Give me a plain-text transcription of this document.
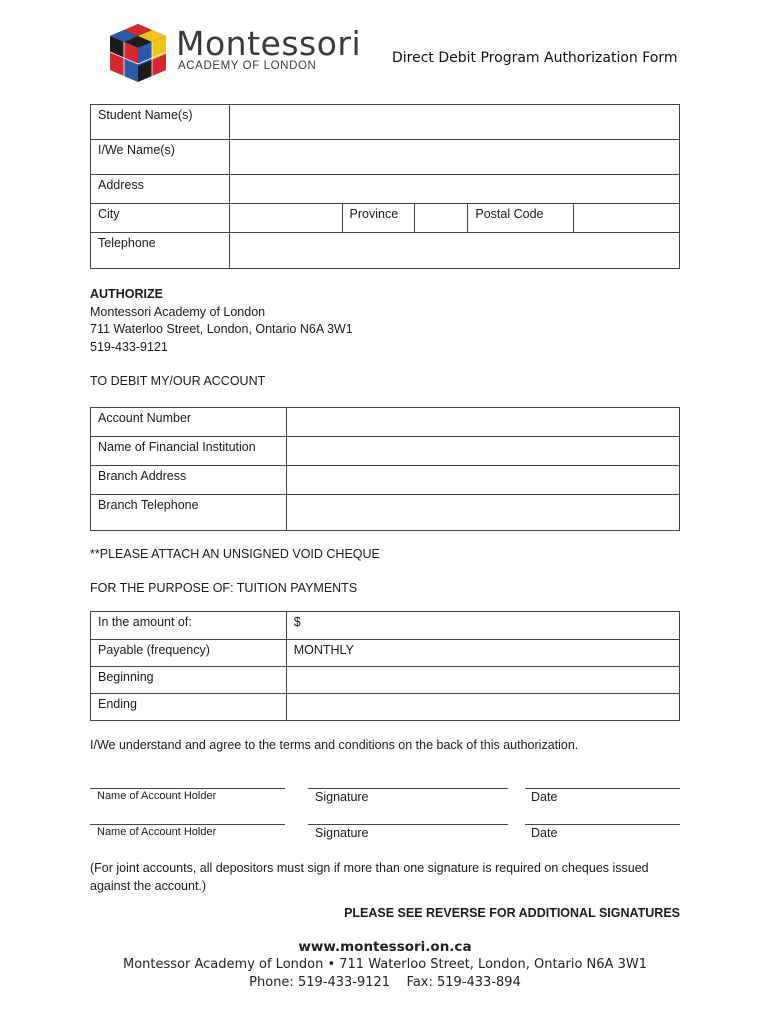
Montessori
ACADEMY OF LONDON	Direct Debit Program Authorization Form
Student Name(s)					
I/We Name(s)					
Address					
City		Province		Postal Code	
Telephone					
AUTHORIZE
Montessori Academy of London
711 Waterloo Street, London, Ontario N6A 3W1
519-433-9121
TO DEBIT MY/OUR ACCOUNT
Account Number	
Name of Financial Institution	
Branch Address	
Branch Telephone	
**PLEASE ATTACH AN UNSIGNED VOID CHEQUE
FOR THE PURPOSE OF: TUITION PAYMENTS
In the amount of:	$
Payable (frequency)	MONTHLY
Beginning	
Ending	
I/We understand and agree to the terms and conditions on the back of this authorization.
Name of Account Holder	Signature	Date
Name of Account Holder	Signature	Date
(For joint accounts, all depositors must sign if more than one signature is required on cheques issued against the account.)
PLEASE SEE REVERSE FOR ADDITIONAL SIGNATURES
www.montessori.on.ca
Montessor Academy of London • 711 Waterloo Street, London, Ontario N6A 3W1
Phone: 519-433-9121    Fax: 519-433-894
